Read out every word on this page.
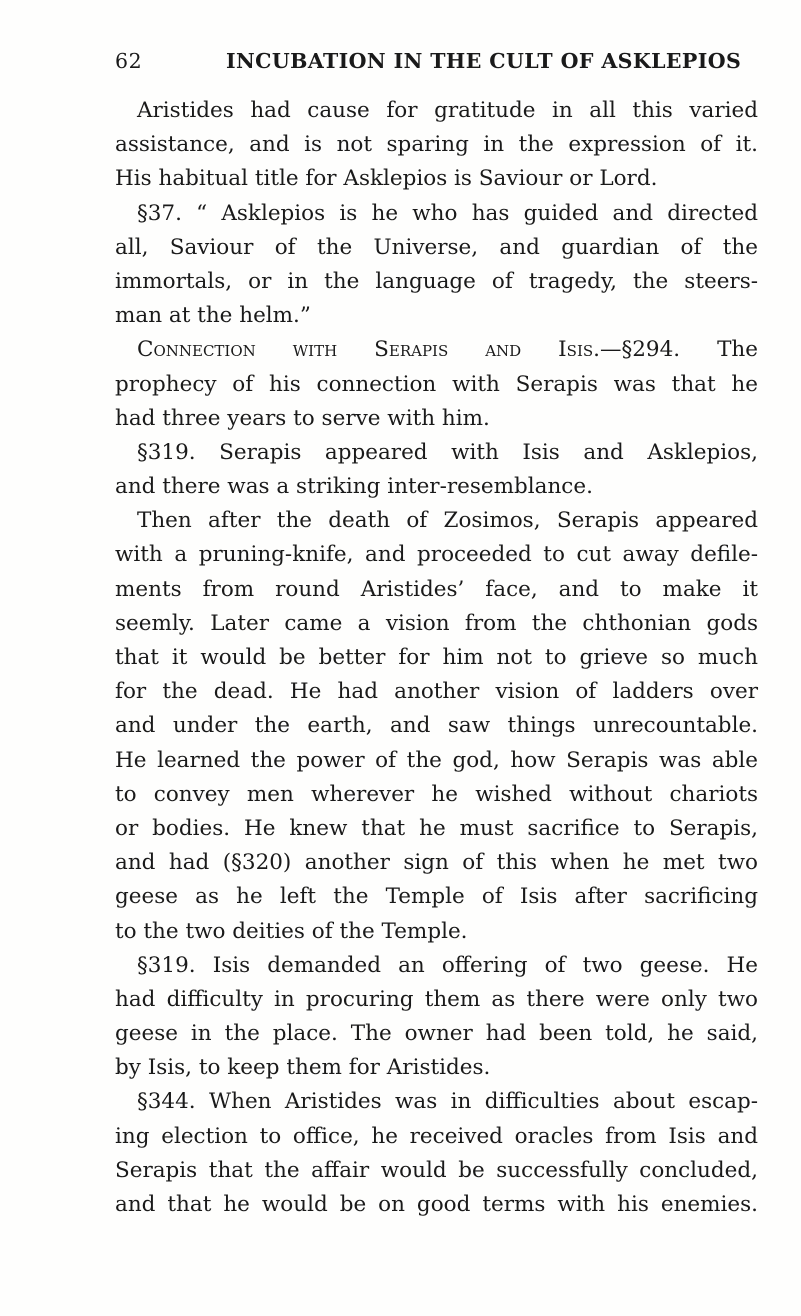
62	INCUBATION IN THE CULT OF ASKLEPIOS
Aristides had cause for gratitude in all this varied
assistance, and is not sparing in the expression of it.
His habitual title for Asklepios is Saviour or Lord.
§37. “ Asklepios is he who has guided and directed
all, Saviour of the Universe, and guardian of the
immortals, or in the language of tragedy, the steers-
man at the helm.”
Connection with Serapis and Isis.—§294. The
prophecy of his connection with Serapis was that he
had three years to serve with him.
§319. Serapis appeared with Isis and Asklepios,
and there was a striking inter-resemblance.
Then after the death of Zosimos, Serapis appeared
with a pruning-knife, and proceeded to cut away defile-
ments from round Aristides’ face, and to make it
seemly. Later came a vision from the chthonian gods
that it would be better for him not to grieve so much
for the dead. He had another vision of ladders over
and under the earth, and saw things unrecountable.
He learned the power of the god, how Serapis was able
to convey men wherever he wished without chariots
or bodies. He knew that he must sacrifice to Serapis,
and had (§320) another sign of this when he met two
geese as he left the Temple of Isis after sacrificing
to the two deities of the Temple.
§319. Isis demanded an offering of two geese. He
had difficulty in procuring them as there were only two
geese in the place. The owner had been told, he said,
by Isis, to keep them for Aristides.
§344. When Aristides was in difficulties about escap-
ing election to office, he received oracles from Isis and
Serapis that the affair would be successfully concluded,
and that he would be on good terms with his enemies.
